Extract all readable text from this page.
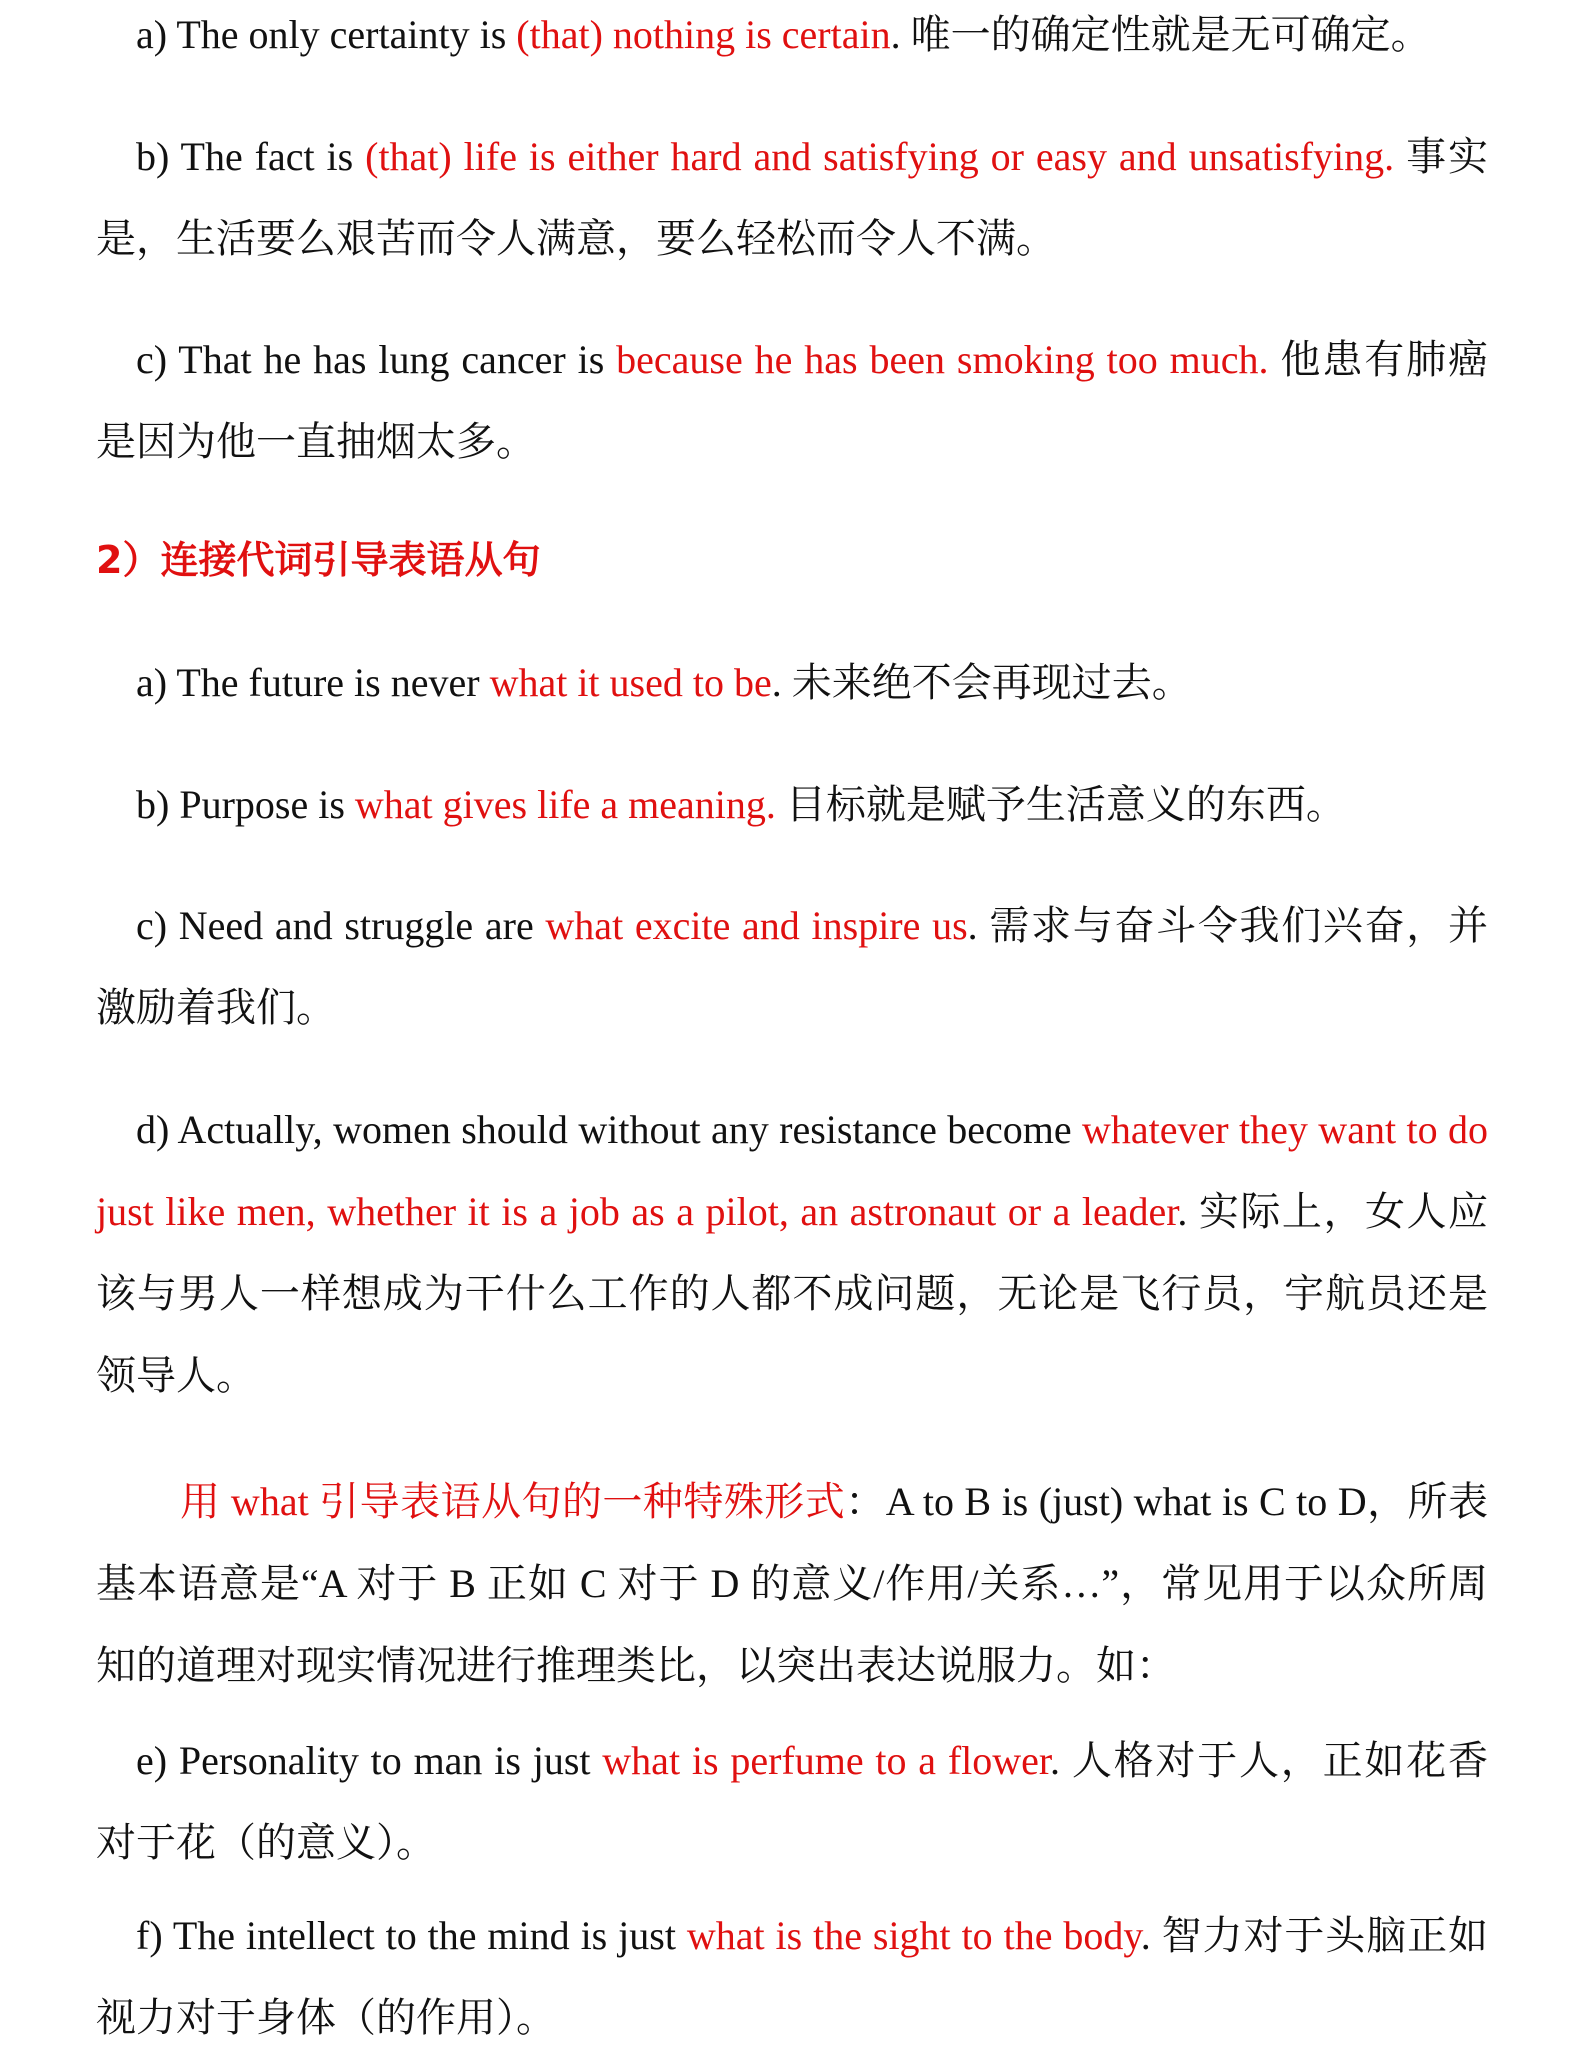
a) The only certainty is (that) nothing is certain. 唯一的确定性就是无可确定。

b) The fact is (that) life is either hard and satisfying or easy and unsatisfying. 事实是，生活要么艰苦而令人满意，要么轻松而令人不满。

c) That he has lung cancer is because he has been smoking too much. 他患有肺癌是因为他一直抽烟太多。

2）连接代词引导表语从句

a) The future is never what it used to be. 未来绝不会再现过去。

b) Purpose is what gives life a meaning. 目标就是赋予生活意义的东西。

c) Need and struggle are what excite and inspire us. 需求与奋斗令我们兴奋，并激励着我们。

d) Actually, women should without any resistance become whatever they want to do just like men, whether it is a job as a pilot, an astronaut or a leader. 实际上，女人应该与男人一样想成为干什么工作的人都不成问题，无论是飞行员，宇航员还是领导人。

用 what 引导表语从句的一种特殊形式：A to B is (just) what is C to D，所表基本语意是“A 对于 B 正如 C 对于 D 的意义/作用/关系…”，常见用于以众所周知的道理对现实情况进行推理类比，以突出表达说服力。如：

e) Personality to man is just what is perfume to a flower. 人格对于人，正如花香对于花（的意义）。

f) The intellect to the mind is just what is the sight to the body. 智力对于头脑正如视力对于身体（的作用）。
